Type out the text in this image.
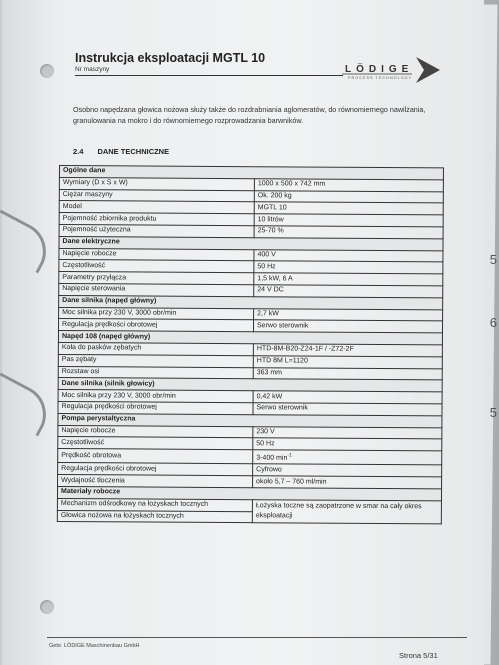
Instrukcja eksploatacji MGTL 10
Nr maszyny	LÖDIGE
PROCESS TECHNOLOGY
Osobno napędzana głowica nożowa służy także do rozdrabniania aglomeratów, do równomiernego nawilżania, granulowania na mokro i do równomiernego rozprowadzania barwników.
2.4 DANE TECHNICZNE
Ogólne dane	
Wymiary (D x S x W)	1000 x 500 x 742 mm
Ciężar maszyny	Ok. 200 kg
Model	MGTL 10
Pojemność zbiornika produktu	10 litrów
Pojemność użyteczna	25-70 %
Dane elektryczne	
Napięcie robocze	400 V
Częstotliwość	50 Hz
Parametry przyłącza	1,5 kW, 6 A
Napięcie sterowania	24 V DC
Dane silnika (napęd główny)	
Moc silnika przy 230 V, 3000 obr/min	2,7 kW
Regulacja prędkości obrotowej	Serwo sterownik
Napęd 108 (napęd główny)	
Koła do pasków zębatych	HTD-8M-B20-Z24-1F / -Z72-2F
Pas zębaty	HTD 8M L=1120
Rozstaw osi	363 mm
Dane silnika (silnik głowicy)	
Moc silnika przy 230 V, 3000 obr/min	0,42 kW
Regulacja prędkości obrotowej	Serwo sterownik
Pompa perystaltyczna	
Napięcie robocze	230 V
Częstotliwość	50 Hz
Prędkość obrotowa	3-400 $\min^{-1}$
Regulacja prędkości obrotowej	Cyfrowo
Wydajność tłoczenia	około 5,7 – 760 ml/min
Materiały robocze	
Mechanizm odśrodkowy na łożyskach tocznych	Łożyska toczne są zaopatrzone w smar na cały okres eksploatacji
Głowica nożowa na łożyskach tocznych	
Gebr. LÖDIGE Maschinenbau GmbH
Strona 5/31
5
6
5
